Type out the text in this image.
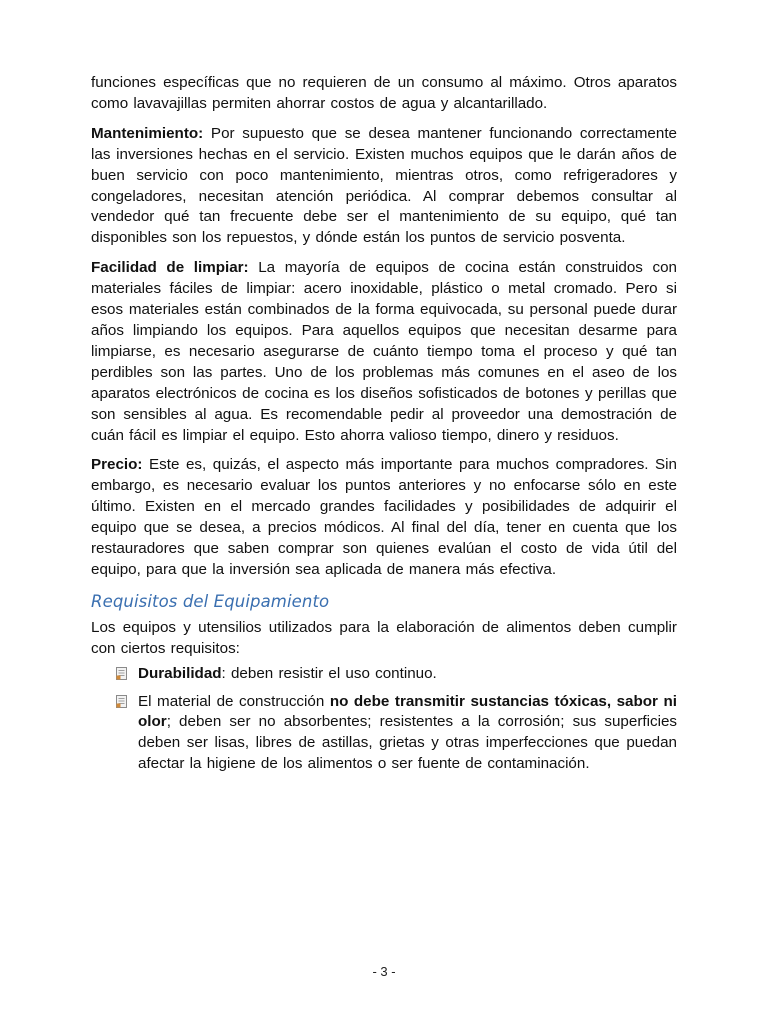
funciones específicas que no requieren de un consumo al máximo. Otros aparatos como lavavajillas permiten ahorrar costos de agua y alcantarillado.

Mantenimiento: Por supuesto que se desea mantener funcionando correctamente las inversiones hechas en el servicio. Existen muchos equipos que le darán años de buen servicio con poco mantenimiento, mientras otros, como refrigeradores y congeladores, necesitan atención periódica. Al comprar debemos consultar al vendedor qué tan frecuente debe ser el mantenimiento de su equipo, qué tan disponibles son los repuestos, y dónde están los puntos de servicio posventa.

Facilidad de limpiar: La mayoría de equipos de cocina están construidos con materiales fáciles de limpiar: acero inoxidable, plástico o metal cromado. Pero si esos materiales están combinados de la forma equivocada, su personal puede durar años limpiando los equipos. Para aquellos equipos que necesitan desarme para limpiarse, es necesario asegurarse de cuánto tiempo toma el proceso y qué tan perdibles son las partes. Uno de los problemas más comunes en el aseo de los aparatos electrónicos de cocina es los diseños sofisticados de botones y perillas que son sensibles al agua. Es recomendable pedir al proveedor una demostración de cuán fácil es limpiar el equipo. Esto ahorra valioso tiempo, dinero y residuos.

Precio: Este es, quizás, el aspecto más importante para muchos compradores. Sin embargo, es necesario evaluar los puntos anteriores y no enfocarse sólo en este último. Existen en el mercado grandes facilidades y posibilidades de adquirir el equipo que se desea, a precios módicos. Al final del día, tener en cuenta que los restauradores que saben comprar son quienes evalúan el costo de vida útil del equipo, para que la inversión sea aplicada de manera más efectiva.

Requisitos del Equipamiento

Los equipos y utensilios utilizados para la elaboración de alimentos deben cumplir con ciertos requisitos:

Durabilidad: deben resistir el uso continuo.

El material de construcción no debe transmitir sustancias tóxicas, sabor ni olor; deben ser no absorbentes; resistentes a la corrosión; sus superficies deben ser lisas, libres de astillas, grietas y otras imperfecciones que puedan afectar la higiene de los alimentos o ser fuente de contaminación.

- 3 -
